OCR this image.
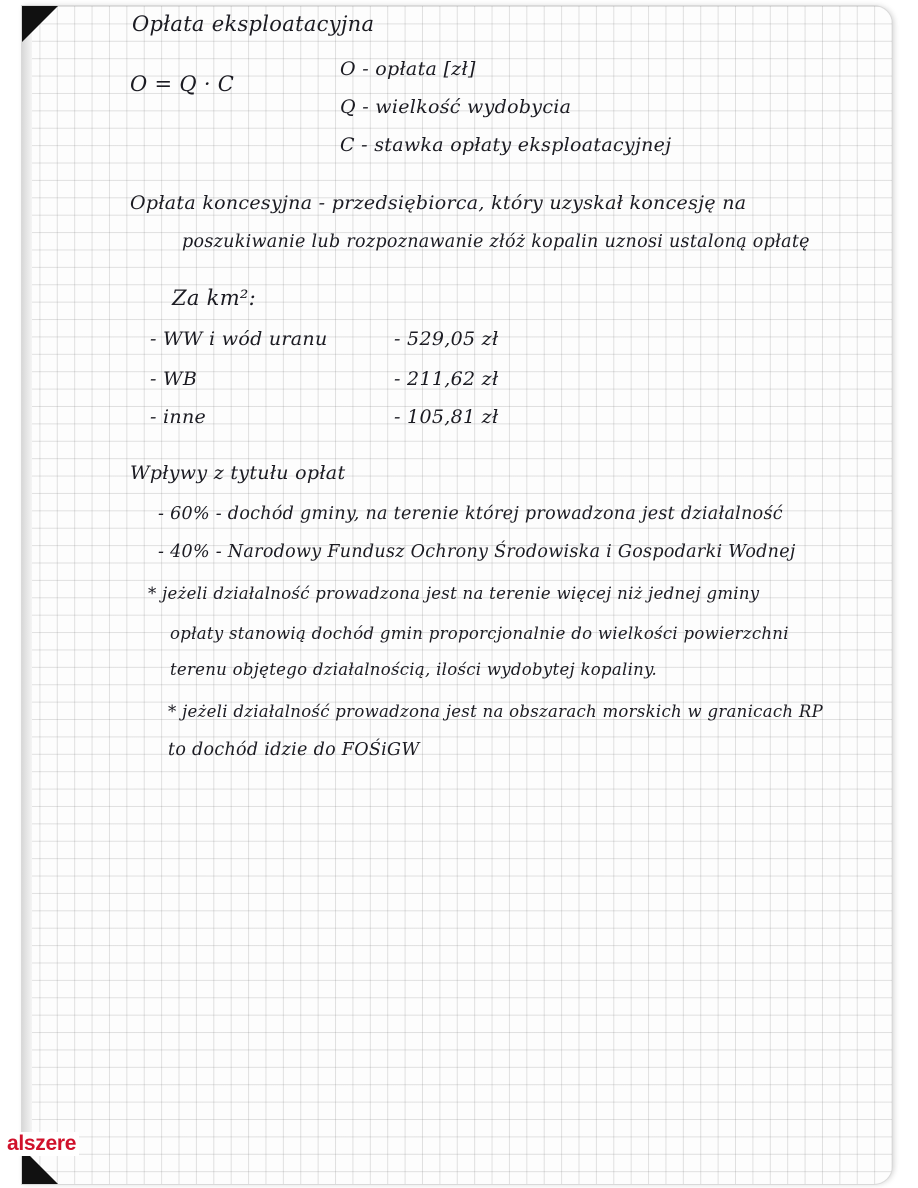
Opłata eksploatacyjna
O = Q · C
O - opłata [zł]
Q - wielkość wydobycia
C - stawka opłaty eksploatacyjnej
Opłata koncesyjna - przedsiębiorca, który uzyskał koncesję na
poszukiwanie lub rozpoznawanie złóż kopalin uznosi ustaloną opłatę
Za km²:
- WW i wód uranu	- 529,05 zł
- WB	- 211,62 zł
- inne	- 105,81 zł
Wpływy z tytułu opłat
- 60% - dochód gminy, na terenie której prowadzona jest działalność
- 40% - Narodowy Fundusz Ochrony Środowiska i Gospodarki Wodnej
* jeżeli działalność prowadzona jest na terenie więcej niż jednej gminy
opłaty stanowią dochód gmin proporcjonalnie do wielkości powierzchni
terenu objętego działalnością, ilości wydobytej kopaliny.
* jeżeli działalność prowadzona jest na obszarach morskich w granicach RP
to dochód idzie do FOŚiGW
alszere
